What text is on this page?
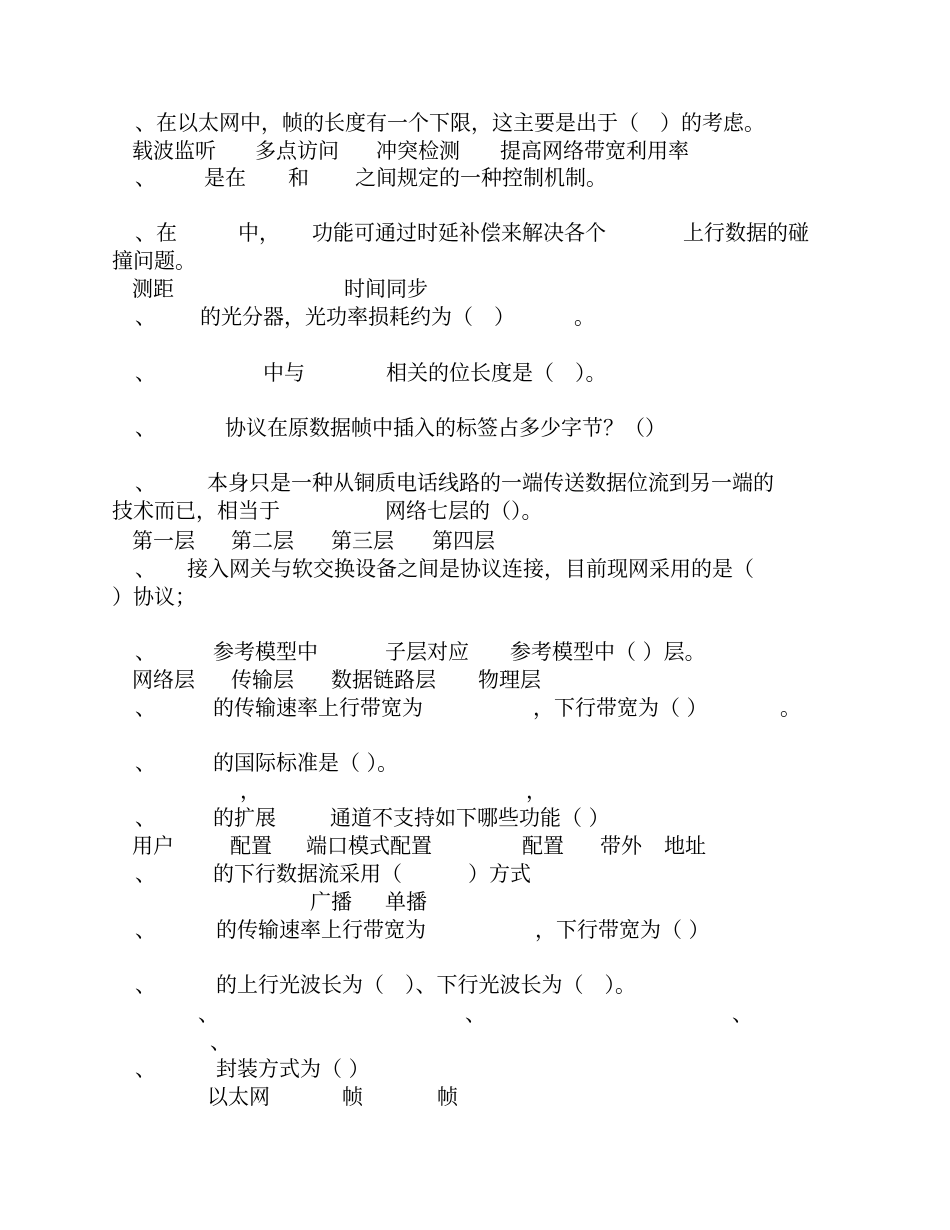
、在以太网中，帧的长度有一个下限，这主要是出于（　）的考虑。
载波监听 多点访问 冲突检测 提高网络带宽利用率
、 是在 和 之间规定的一种控制机制。
、在	中， 功能可通过时延补偿来解决各个	上行数据的碰
撞问题。
测距	时间同步
、 的光分器，光功率损耗约为（　）	。
、	中与	相关的位长度是（　）。
、	协议在原数据帧中插入的标签占多少字节？（）
、 本身只是一种从铜质电话线路的一端传送数据位流到另一端的
技术而已，相当于	网络七层的（）。
第一层 第二层 第三层 第四层
、 接入网关与软交换设备之间是协议连接，目前现网采用的是（
）协议；
、	参考模型中	子层对应 参考模型中（ ）层。
网络层 传输层 数据链路层 物理层
、	的传输速率上行带宽为	，下行带宽为（ ）	。
、	的国际标准是（ ）。
，	，
、	的扩展	通道不支持如下哪些功能（ ）
用户	配置 端口模式配置	配置 带外 地址
、	的下行数据流采用（	）方式
广播 单播
、	的传输速率上行带宽为	，下行带宽为（ ）
、	的上行光波长为（　）、下行光波长为（　）。
、	、	、
、
、	封装方式为（ ）
以太网	帧	帧
